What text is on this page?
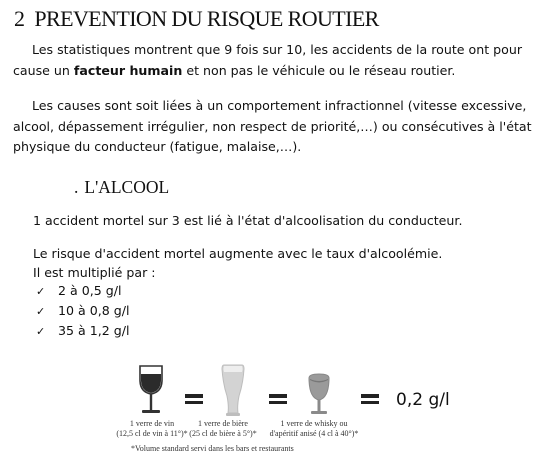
2 PREVENTION DU RISQUE ROUTIER

Les statistiques montrent que 9 fois sur 10, les accidents de la route ont pour cause un facteur humain et non pas le véhicule ou le réseau routier.

Les causes sont soit liées à un comportement infractionnel (vitesse excessive, alcool, dépassement irrégulier, non respect de priorité,…) ou consécutives à l'état physique du conducteur (fatigue, malaise,…).

. L'ALCOOL
1 accident mortel sur 3 est lié à l'état d'alcoolisation du conducteur.
Le risque d'accident mortel augmente avec le taux d'alcoolémie.
Il est multiplié par :
✓ 2 à 0,5 g/l
✓ 10 à 0,8 g/l
✓ 35 à 1,2 g/l
1 verre de vin
(12,5 cl de vin à 11°)*
1 verre de bière
(25 cl de bière à 5°)*
1 verre de whisky ou
d'apéritif anisé (4 cl à 40°)*
0,2 g/l
*Volume standard servi dans les bars et restaurants
